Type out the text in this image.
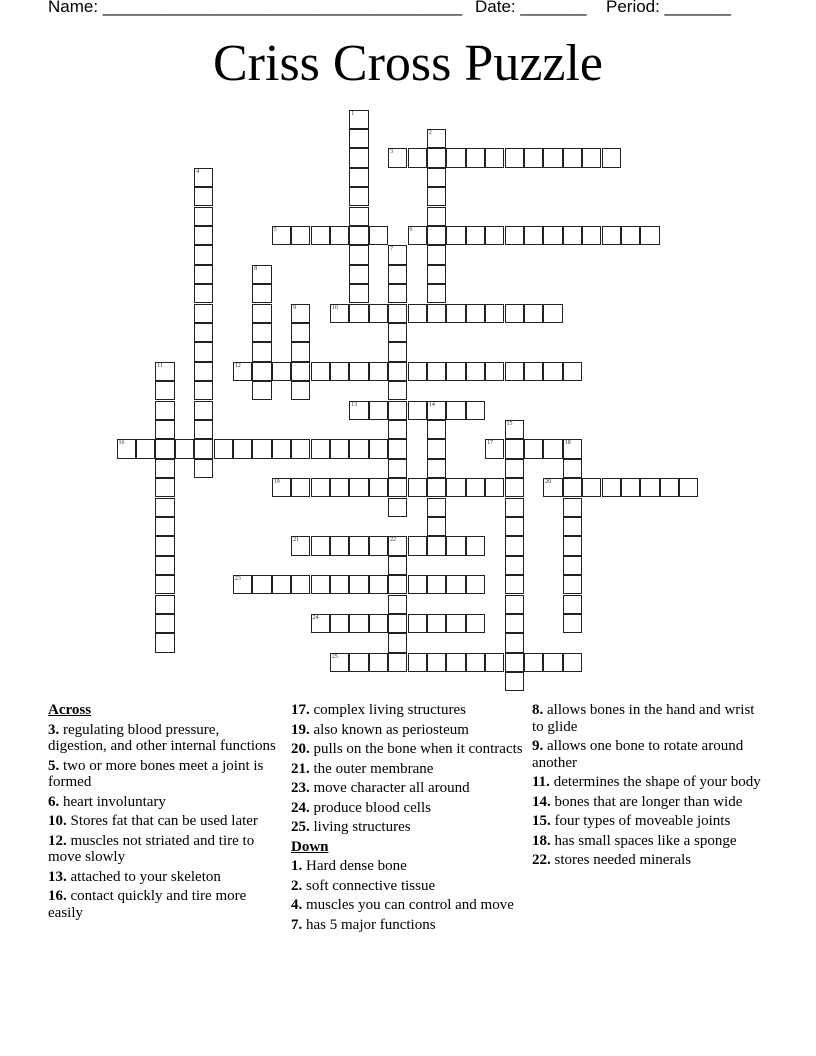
Name: ______________________________________

Date: _______

Period: _______

Criss Cross Puzzle
1
2
3
4
5	6
7
8
9	10
11	12
13	14
15
16	17	18
19	20
21	22
23
24
25
Across
3. regulating blood pressure, digestion, and other internal functions
5. two or more bones meet a joint is formed
6. heart involuntary
10. Stores fat that can be used later
12. muscles not striated and tire to move slowly
13. attached to your skeleton
16. contact quickly and tire more easily
17. complex living structures
19. also known as periosteum
20. pulls on the bone when it contracts
21. the outer membrane
23. move character all around
24. produce blood cells
25. living structures
Down
1. Hard dense bone
2. soft connective tissue
4. muscles you can control and move
7. has 5 major functions
8. allows bones in the hand and wrist to glide
9. allows one bone to rotate around another
11. determines the shape of your body
14. bones that are longer than wide
15. four types of moveable joints
18. has small spaces like a sponge
22. stores needed minerals
